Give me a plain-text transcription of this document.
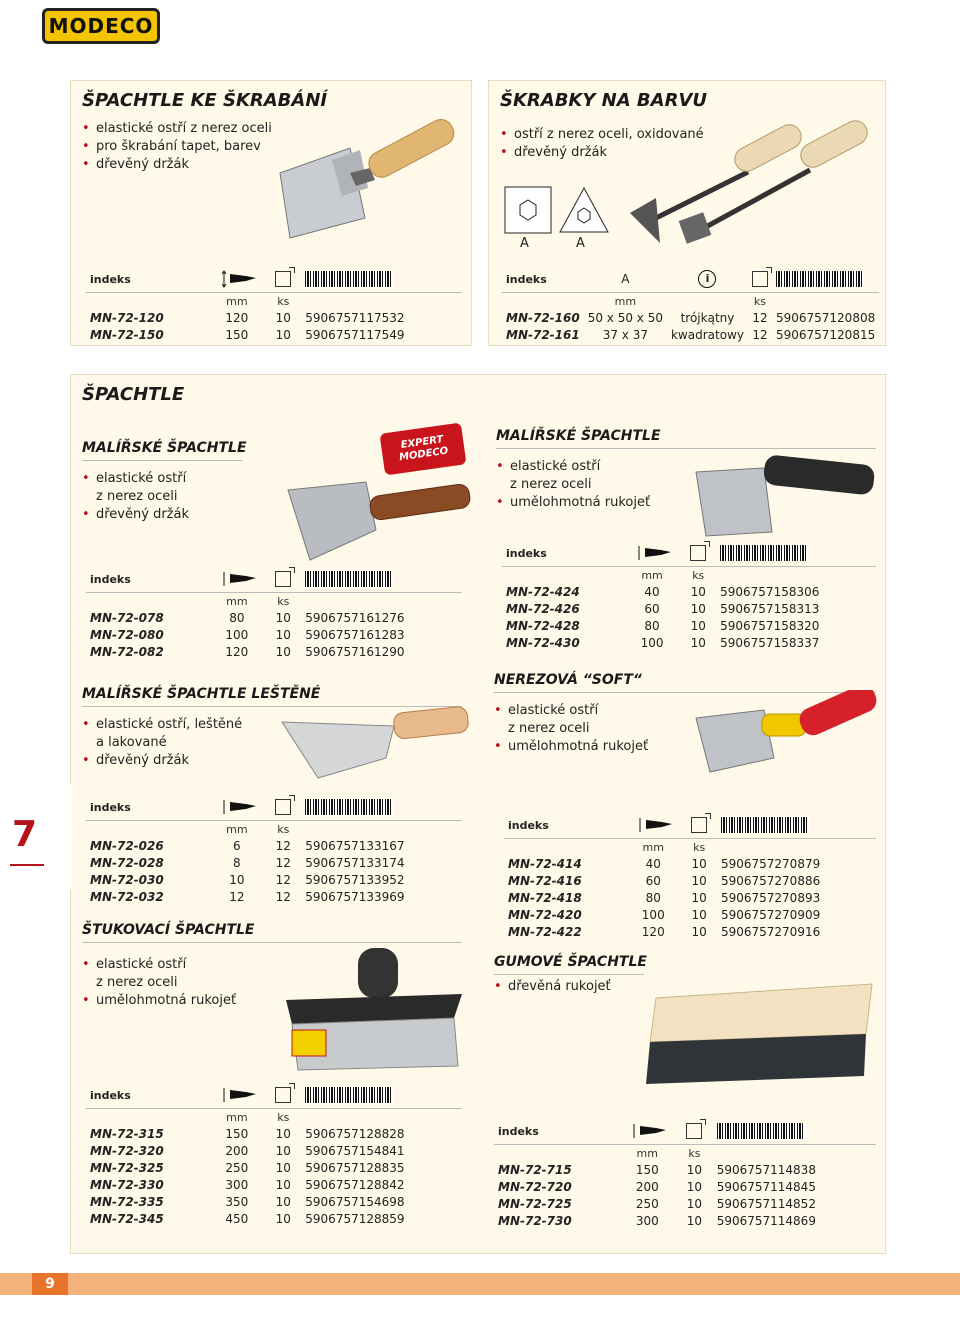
MODECO
ŠPACHTLE KE ŠKRABÁNÍ
• elastické ostří z nerez oceli
• pro škrabání tapet, barev
• dřevěný držák
indeks			
	mm	ks	
MN-72-120	120	10	5906757117532
MN-72-150	150	10	5906757117549
ŠKRABKY NA BARVU
• ostří z nerez oceli, oxidované
• dřevěný držák
A	A
indeks	A	i		
	mm		ks	
MN-72-160	50 x 50 x 50	trójkątny	12	5906757120808
MN-72-161	37 x 37	kwadratowy	12	5906757120815
ŠPACHTLE
MALÍŘSKÉ ŠPACHTLE
• elastické ostří
z nerez oceli
• dřevěný držák
EXPERT MODECO
indeks			
	mm	ks	
MN-72-078	80	10	5906757161276
MN-72-080	100	10	5906757161283
MN-72-082	120	10	5906757161290
MALÍŘSKÉ ŠPACHTLE
• elastické ostří
z nerez oceli
• umělohmotná rukojeť
indeks			
	mm	ks	
MN-72-424	40	10	5906757158306
MN-72-426	60	10	5906757158313
MN-72-428	80	10	5906757158320
MN-72-430	100	10	5906757158337
MALÍŘSKÉ ŠPACHTLE LEŠTĚNÉ
• elastické ostří, leštěné
a lakované
• dřevěný držák
indeks			
	mm	ks	
MN-72-026	6	12	5906757133167
MN-72-028	8	12	5906757133174
MN-72-030	10	12	5906757133952
MN-72-032	12	12	5906757133969
NEREZOVÁ “SOFT“
• elastické ostří
z nerez oceli
• umělohmotná rukojeť
indeks			
	mm	ks	
MN-72-414	40	10	5906757270879
MN-72-416	60	10	5906757270886
MN-72-418	80	10	5906757270893
MN-72-420	100	10	5906757270909
MN-72-422	120	10	5906757270916
ŠTUKOVACÍ ŠPACHTLE
• elastické ostří
z nerez oceli
• umělohmotná rukojeť
indeks			
	mm	ks	
MN-72-315	150	10	5906757128828
MN-72-320	200	10	5906757154841
MN-72-325	250	10	5906757128835
MN-72-330	300	10	5906757128842
MN-72-335	350	10	5906757154698
MN-72-345	450	10	5906757128859
GUMOVÉ ŠPACHTLE
• dřevěná rukojeť
indeks			
	mm	ks	
MN-72-715	150	10	5906757114838
MN-72-720	200	10	5906757114845
MN-72-725	250	10	5906757114852
MN-72-730	300	10	5906757114869
7
9
